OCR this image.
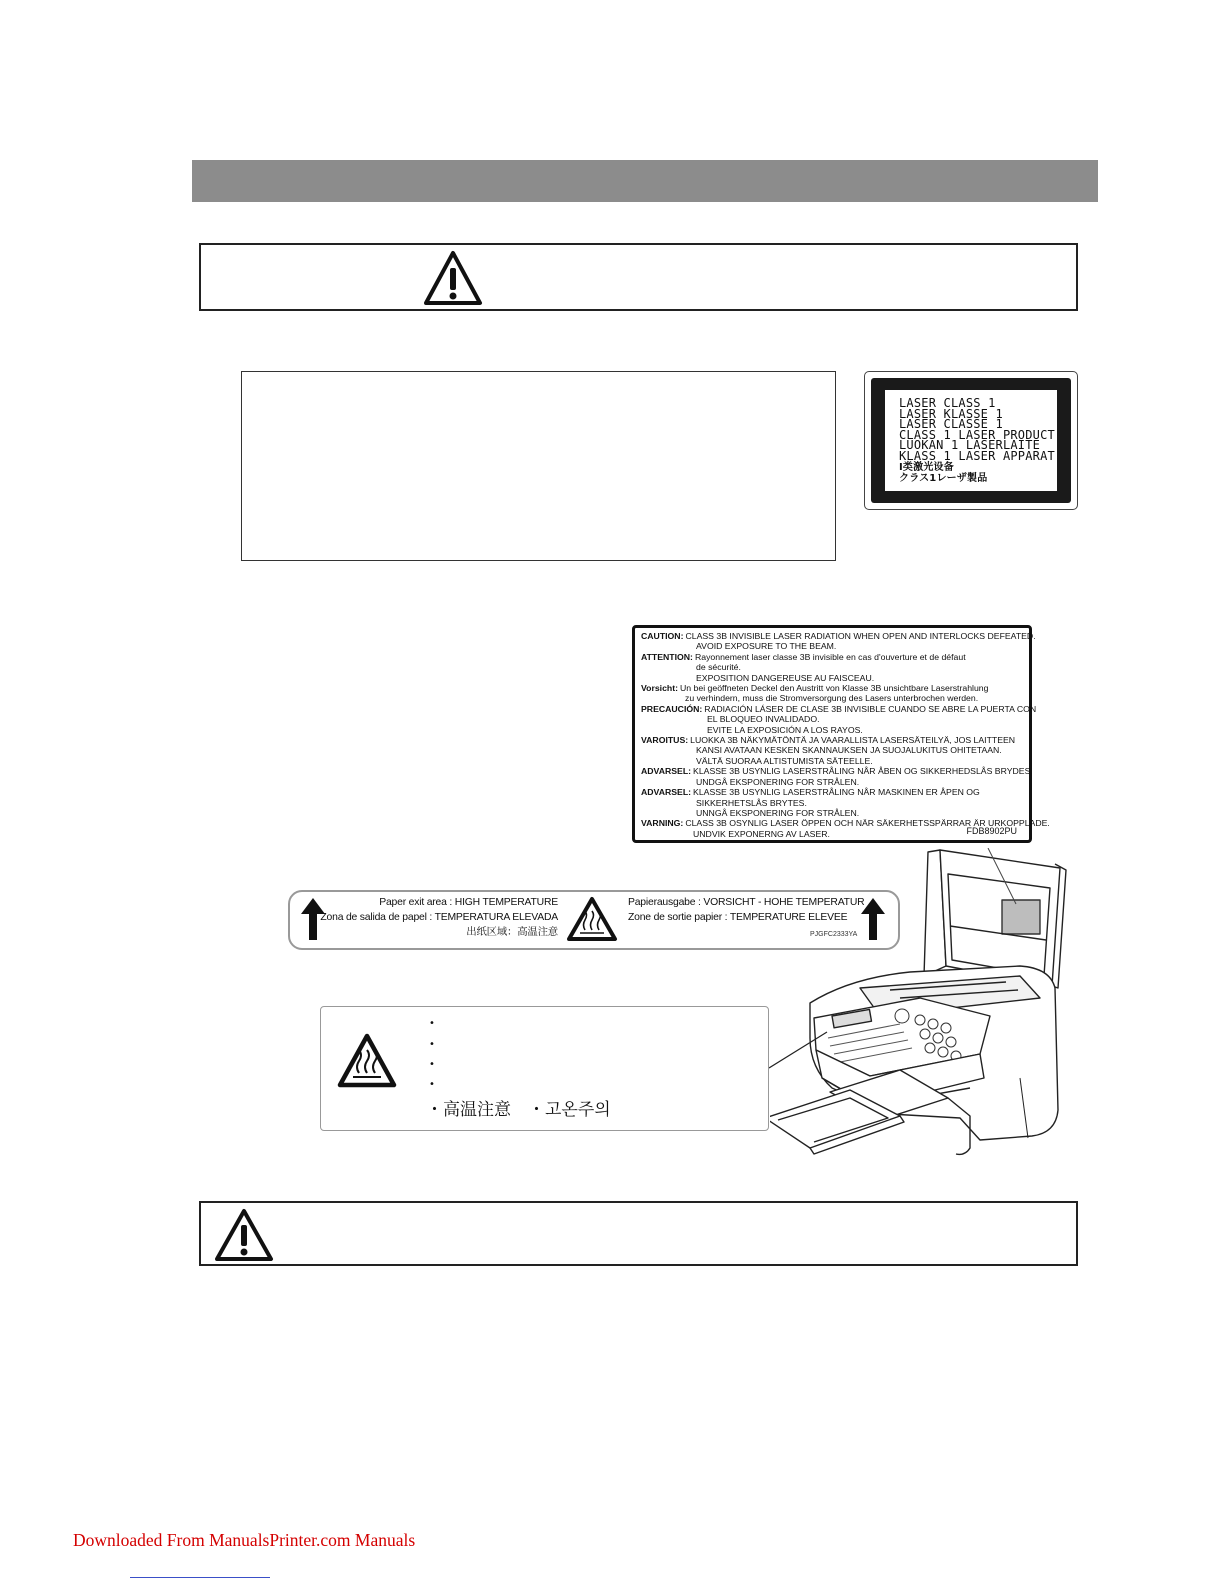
LASER CLASS 1
LASER KLASSE 1
LASER CLASSE 1
CLASS 1 LASER PRODUCT
LUOKAN 1 LASERLAITE
KLASS 1 LASER APPARAT
Ⅰ类激光设备
クラス1レーザ製品
CAUTION: CLASS 3B INVISIBLE LASER RADIATION WHEN OPEN AND INTERLOCKS DEFEATED.
AVOID EXPOSURE TO THE BEAM.
ATTENTION: Rayonnement laser classe 3B invisible en cas d'ouverture et de défaut
de sécurité.
EXPOSITION DANGEREUSE AU FAISCEAU.
Vorsicht: Un bei geöffneten Deckel den Austritt von Klasse 3B unsichtbare Laserstrahlung
zu verhindern, muss die Stromversorgung des Lasers unterbrochen werden.
PRECAUCIÓN: RADIACIÓN LÁSER DE CLASE 3B INVISIBLE CUANDO SE ABRE LA PUERTA CON
EL BLOQUEO INVALIDADO.
EVITE LA EXPOSICIÓN A LOS RAYOS.
VAROITUS: LUOKKA 3B NÄKYMÄTÖNTÄ JA VAARALLISTA LASERSÄTEILYÄ, JOS LAITTEEN
KANSI AVATAAN KESKEN SKANNAUKSEN JA SUOJALUKITUS OHITETAAN.
VÄLTÄ SUORAA ALTISTUMISTA SÄTEELLE.
ADVARSEL: KLASSE 3B USYNLIG LASERSTRÅLING NÅR ÅBEN OG SIKKERHEDSLÅS BRYDES.
UNDGÅ EKSPONERING FOR STRÅLEN.
ADVARSEL: KLASSE 3B USYNLIG LASERSTRÅLING NÅR MASKINEN ER ÅPEN OG
SIKKERHETSLÅS BRYTES.
UNNGÅ EKSPONERING FOR STRÅLEN.
VARNING: CLASS 3B OSYNLIG LASER ÖPPEN OCH NÄR SÄKERHETSSPÄRRAR ÄR URKOPPLADE.
UNDVIK EXPONERNG AV LASER.	FDB8902PU
Paper exit area : HIGH TEMPERATURE
Zona de salida de papel : TEMPERATURA ELEVADA
出纸区域：高温注意
Papierausgabe : VORSICHT - HOHE TEMPERATUR
Zone de sortie papier : TEMPERATURE ELEVEE
PJGFC2333YA
•
•
•
•
・高温注意　・고온주의
Downloaded From ManualsPrinter.com Manuals
